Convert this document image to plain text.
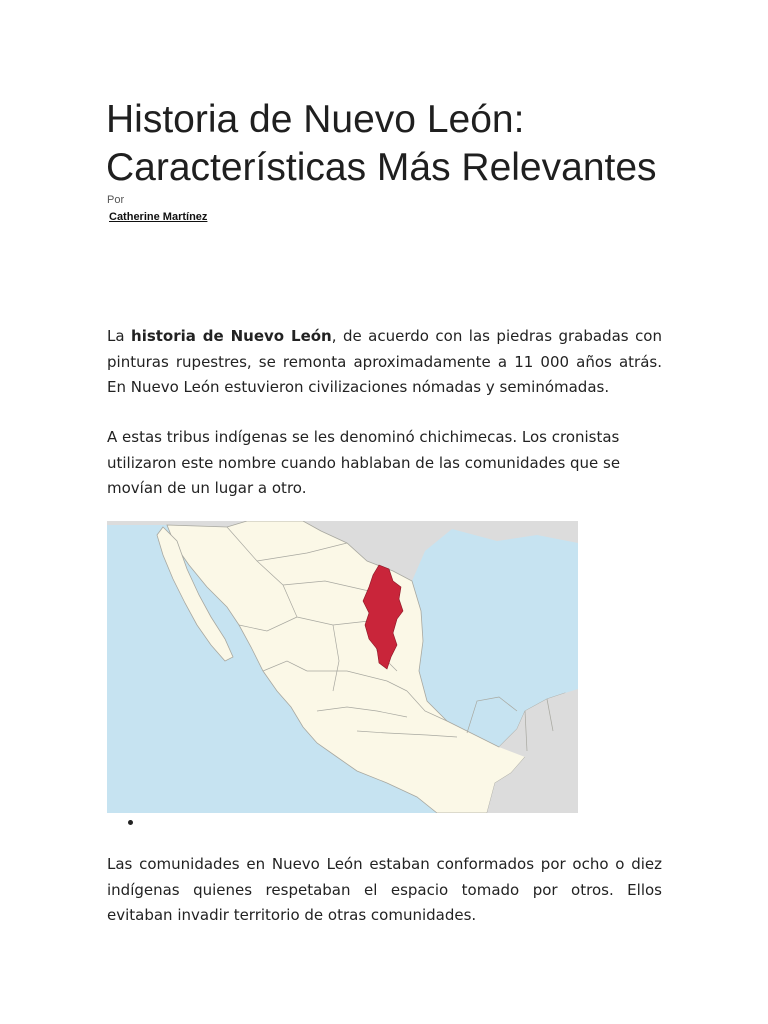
Historia de Nuevo León:
Características Más Relevantes
Por
Catherine Martínez

La historia de Nuevo León, de acuerdo con las piedras grabadas con pinturas rupestres, se remonta aproximadamente a 11 000 años atrás. En Nuevo León estuvieron civilizaciones nómadas y seminómadas.

A estas tribus indígenas se les denominó chichimecas. Los cronistas utilizaron este nombre cuando hablaban de las comunidades que se movían de un lugar a otro.

Las comunidades en Nuevo León estaban conformados por ocho o diez indígenas quienes respetaban el espacio tomado por otros. Ellos evitaban invadir territorio de otras comunidades.
